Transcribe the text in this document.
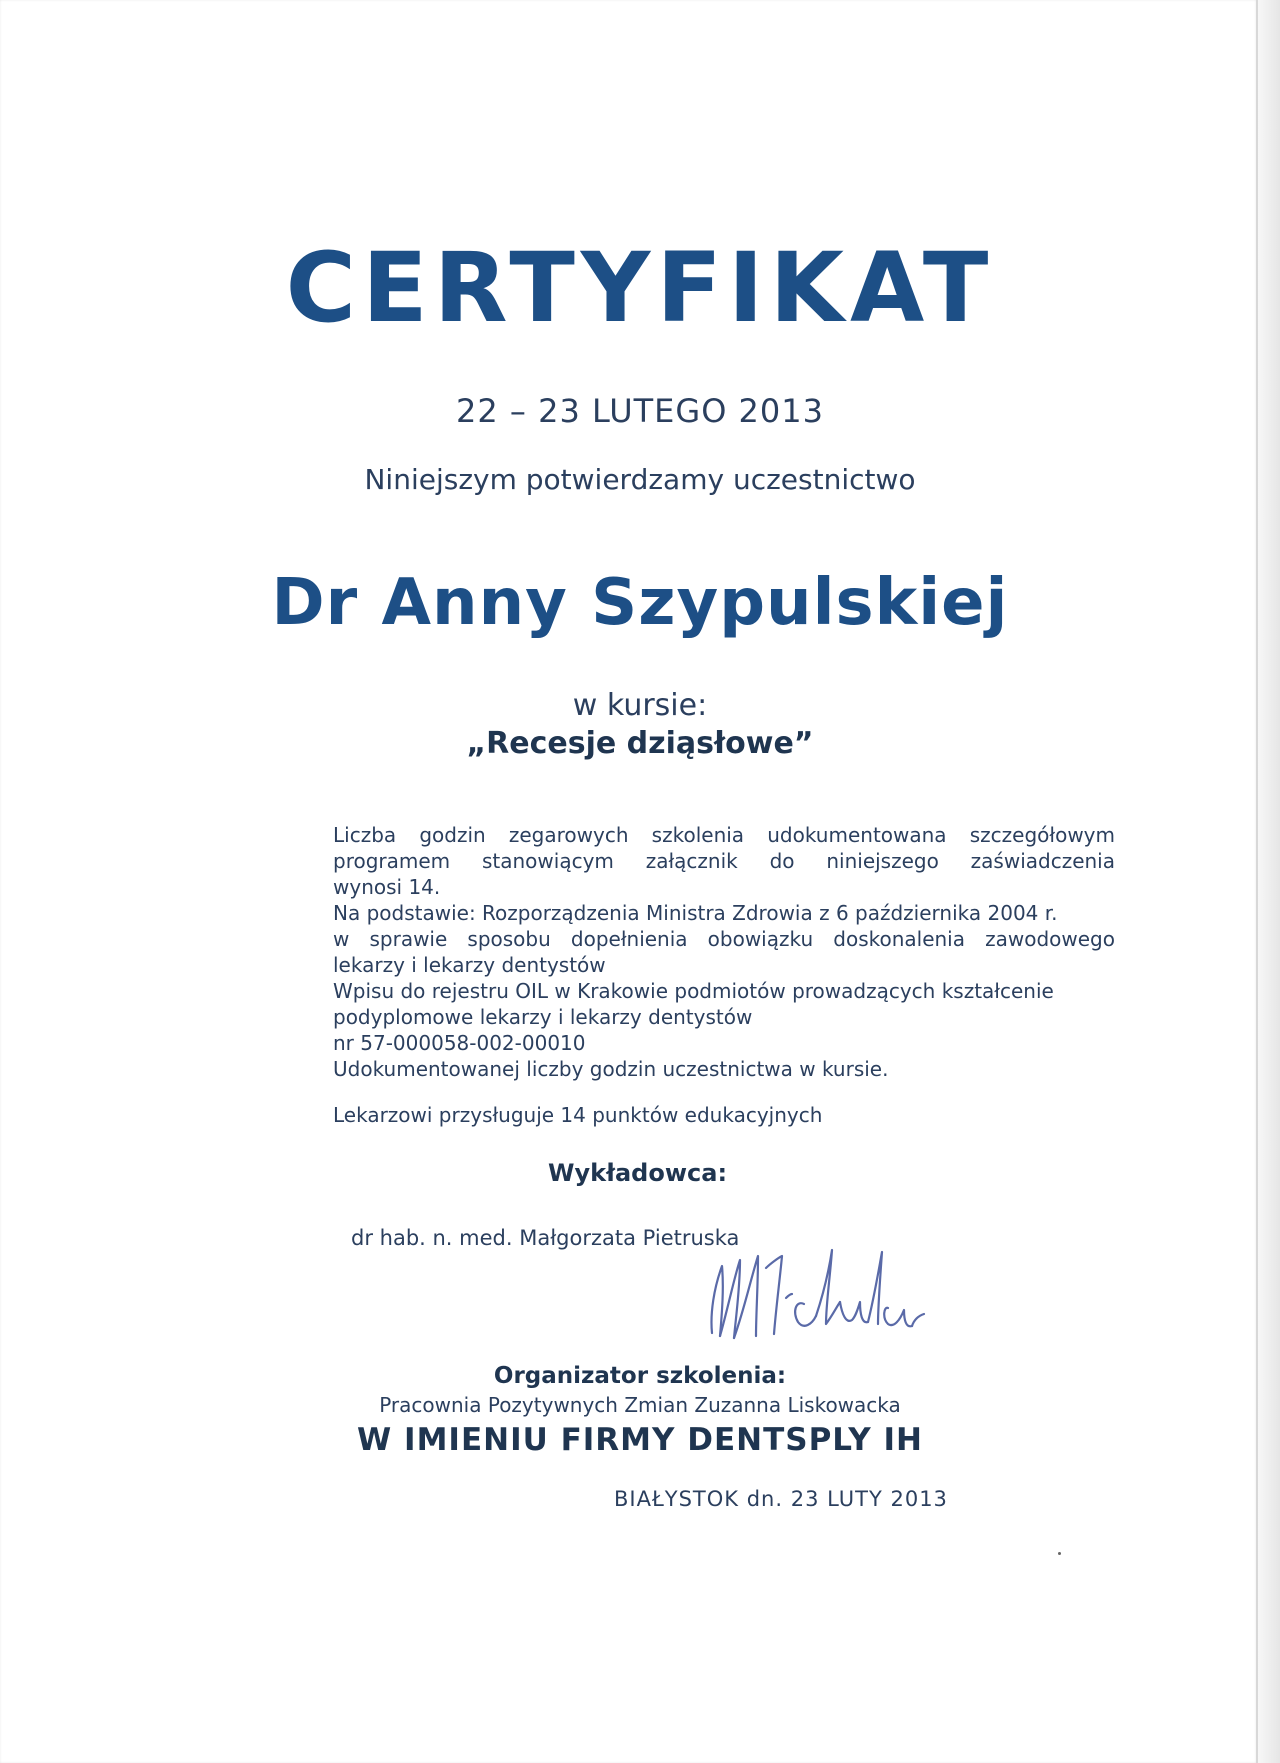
CERTYFIKAT
22 – 23 LUTEGO 2013
Niniejszym potwierdzamy uczestnictwo
Dr Anny Szypulskiej
w kursie:
„Recesje dziąsłowe”
Liczba godzin zegarowych szkolenia udokumentowana szczegółowym
programem stanowiącym załącznik do niniejszego zaświadczenia
wynosi 14.
Na podstawie: Rozporządzenia Ministra Zdrowia z 6 października 2004 r.
w sprawie sposobu dopełnienia obowiązku doskonalenia zawodowego
lekarzy i lekarzy dentystów
Wpisu do rejestru OIL w Krakowie podmiotów prowadzących kształcenie
podyplomowe lekarzy i lekarzy dentystów
nr 57-000058-002-00010
Udokumentowanej liczby godzin uczestnictwa w kursie.
Lekarzowi przysługuje 14 punktów edukacyjnych
Wykładowca:
dr hab. n. med. Małgorzata Pietruska
Organizator szkolenia:
Pracownia Pozytywnych Zmian Zuzanna Liskowacka
W IMIENIU FIRMY DENTSPLY IH
BIAŁYSTOK dn. 23 LUTY 2013
